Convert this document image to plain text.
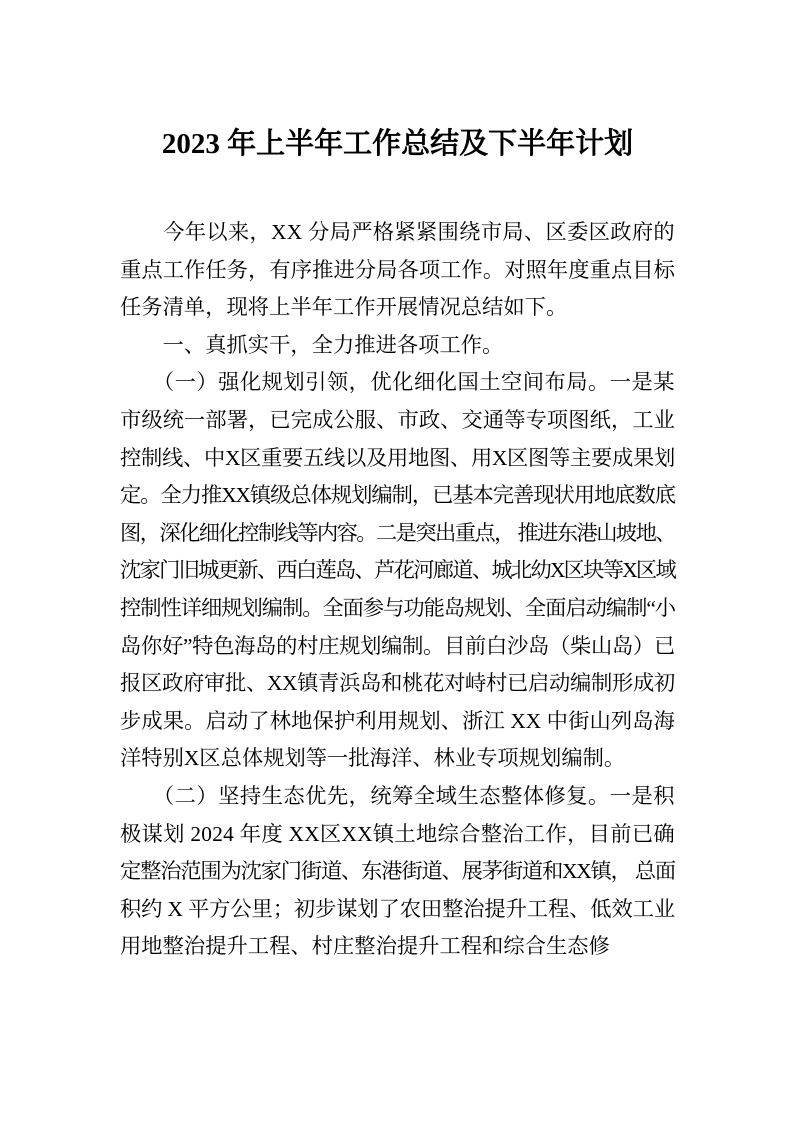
2023 年上半年工作总结及下半年计划
　　今年以来，XX 分局严格紧紧围绕市局、区委区政府的
重点工作任务，有序推进分局各项工作。对照年度重点目标
任务清单，现将上半年工作开展情况总结如下。
　　一、真抓实干，全力推进各项工作。
　　（一）强化规划引领，优化细化国土空间布局。一是某
市级统一部署，已完成公服、市政、交通等专项图纸，工业
控制线、中X区重要五线以及用地图、用X区图等主要成果划
定。全力推XX镇级总体规划编制，已基本完善现状用地底数底
图，深化细化控制线等内容。二是突出重点， 推进东港山坡地、
沈家门旧城更新、西白莲岛、芦花河廊道、城北幼X区块等X区域
控制性详细规划编制。全面参与功能岛规划、全面启动编制“小
岛你好”特色海岛的村庄规划编制。目前白沙岛（柴山岛）已
报区政府审批、XX镇青浜岛和桃花对峙村已启动编制形成初
步成果。启动了林地保护利用规划、浙江 XX 中街山列岛海
洋特别X区总体规划等一批海洋、林业专项规划编制。
　　（二）坚持生态优先，统筹全域生态整体修复。一是积
极谋划 2024 年度 XX区XX镇土地综合整治工作，目前已确
定整治范围为沈家门街道、东港街道、展茅街道和XX镇， 总面
积约 X 平方公里；初步谋划了农田整治提升工程、低效工业
用地整治提升工程、村庄整治提升工程和综合生态修
